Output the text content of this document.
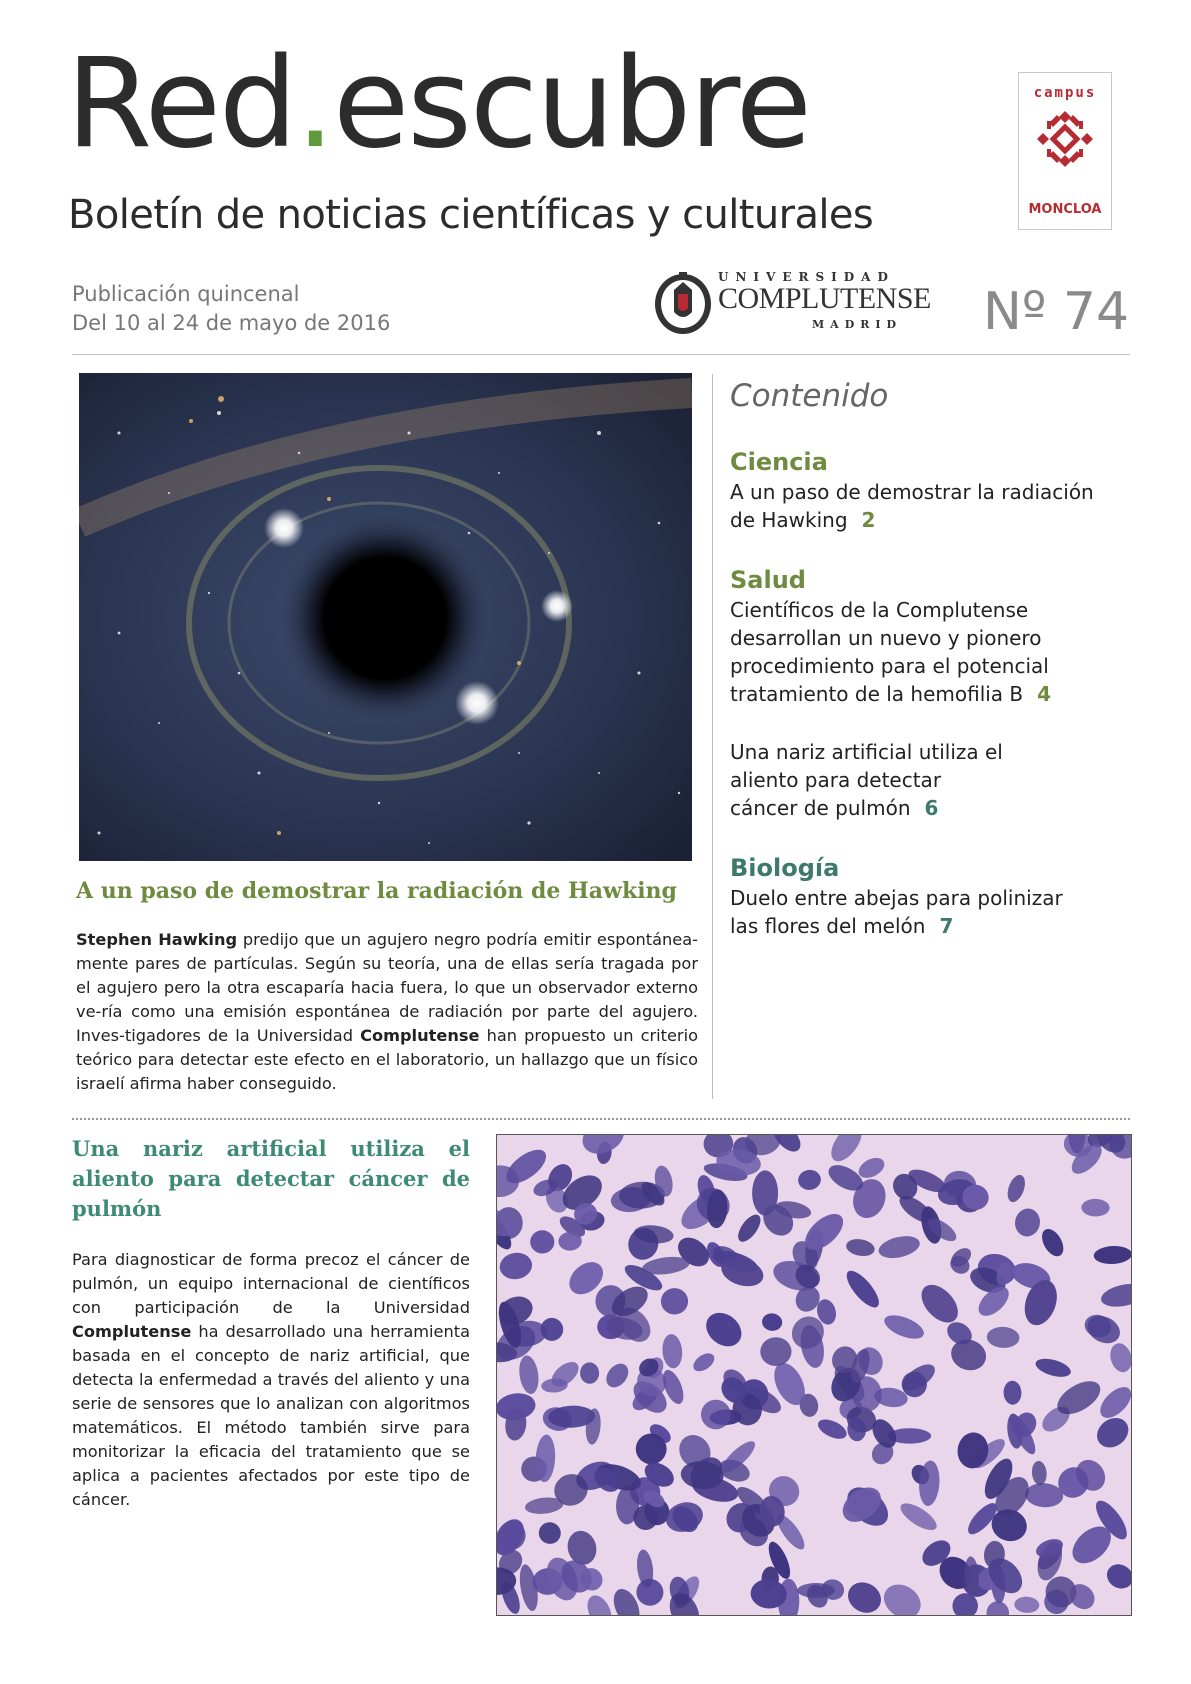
Red.escubre
Boletín de noticias científicas y culturales
Publicación quincenal
Del 10 al 24 de mayo de 2016
campus
MONCLOA
UNIVERSIDAD
COMPLUTENSE
MADRID Nº 74
A un paso de demostrar la radiación de Hawking
Stephen Hawking predijo que un agujero negro podría emitir espontánea-mente pares de partículas. Según su teoría, una de ellas sería tragada por el agujero pero la otra escaparía hacia fuera, lo que un observador externo ve-ría como una emisión espontánea de radiación por parte del agujero. Inves-tigadores de la Universidad Complutense han propuesto un criterio teórico para detectar este efecto en el laboratorio, un hallazgo que un físico israelí afirma haber conseguido.
Contenido
Ciencia
A un paso de demostrar la radiación de Hawking 2
Salud
Científicos de la Complutense desarrollan un nuevo y pionero procedimiento para el potencial tratamiento de la hemofilia B 4
Una nariz artificial utiliza el aliento para detectar cáncer de pulmón 6
Biología
Duelo entre abejas para polinizar las flores del melón 7
Una nariz artificial utiliza el aliento para detectar cáncer de pulmón
Para diagnosticar de forma precoz el cáncer de pulmón, un equipo internacional de científicos con participación de la Universidad Complutense ha desarrollado una herramienta basada en el concepto de nariz artificial, que detecta la enfermedad a través del aliento y una serie de sensores que lo analizan con algoritmos matemáticos. El método también sirve para monitorizar la eficacia del tratamiento que se aplica a pacientes afectados por este tipo de cáncer.
